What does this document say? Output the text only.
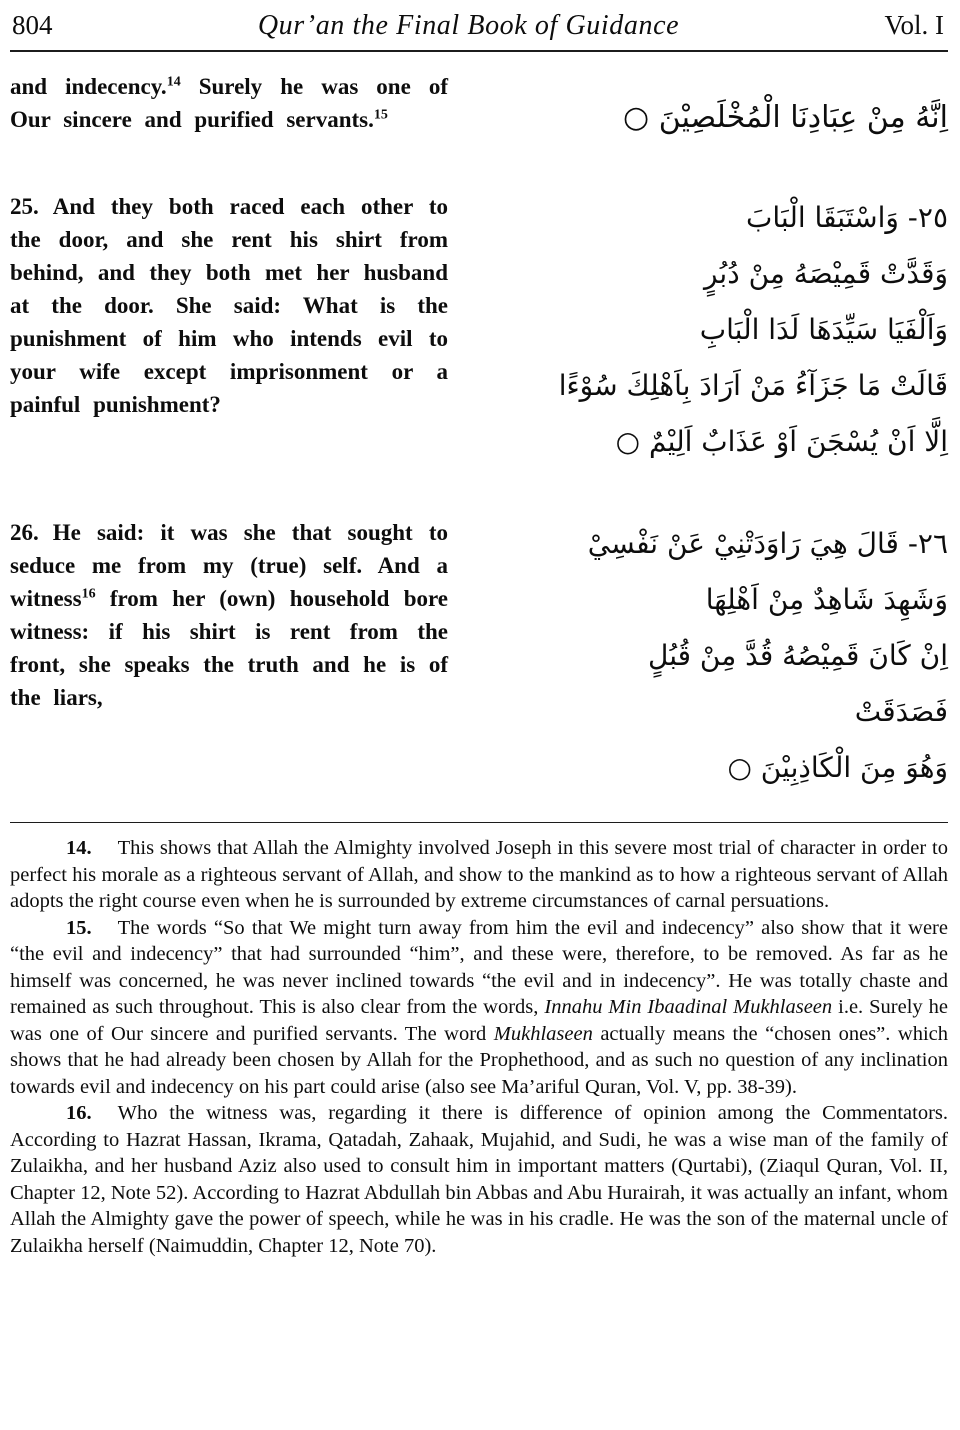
804	Qur’an the Final Book of Guidance	Vol. I

and indecency.$^{14}$ Surely he was one of Our sincere and purified servants.$^{15}$	اِنَّهُ مِنْ عِبَادِنَا الْمُخْلَصِيْنَ ○

25. And they both raced each other to the door, and she rent his shirt from behind, and they both met her husband at the door. She said: What is the punishment of him who intends evil to your wife except imprisonment or a painful punishment?

٢٥- وَاسْتَبَقَا الْبَابَ
وَقَدَّتْ قَمِيْصَهُ مِنْ دُبُرٍ
وَاَلْفَيَا سَيِّدَهَا لَدَا الْبَابِ
قَالَتْ مَا جَزَآءُ مَنْ اَرَادَ بِاَهْلِكَ سُوْءًا
اِلَّا اَنْ يُسْجَنَ اَوْ عَذَابٌ اَلِيْمٌ ○

26. He said: it was she that sought to seduce me from my (true) self. And a witness$^{16}$ from her (own) household bore witness: if his shirt is rent from the front, she speaks the truth and he is of the liars,

٢٦- قَالَ هِيَ رَاوَدَتْنِيْ عَنْ نَفْسِيْ
وَشَهِدَ شَاهِدٌ مِنْ اَهْلِهَا
اِنْ كَانَ قَمِيْصُهُ قُدَّ مِنْ قُبُلٍ
فَصَدَقَتْ
وَهُوَ مِنَ الْكَاذِبِيْنَ ○

14. This shows that Allah the Almighty involved Joseph in this severe most trial of character in order to perfect his morale as a righteous servant of Allah, and show to the mankind as to how a righteous servant of Allah adopts the right course even when he is surrounded by extreme circumstances of carnal persuations.

15. The words “So that We might turn away from him the evil and indecency” also show that it were “the evil and indecency” that had surrounded “him”, and these were, therefore, to be removed. As far as he himself was concerned, he was never inclined towards “the evil and in indecency”. He was totally chaste and remained as such throughout. This is also clear from the words, Innahu Min Ibaadinal Mukhlaseen i.e. Surely he was one of Our sincere and purified servants. The word Mukhlaseen actually means the “chosen ones”. which shows that he had already been chosen by Allah for the Prophethood, and as such no question of any inclination towards evil and indecency on his part could arise (also see Ma’ariful Quran, Vol. V, pp. 38-39).

16. Who the witness was, regarding it there is difference of opinion among the Commentators. According to Hazrat Hassan, Ikrama, Qatadah, Zahaak, Mujahid, and Sudi, he was a wise man of the family of Zulaikha, and her husband Aziz also used to consult him in important matters (Qurtabi), (Ziaqul Quran, Vol. II, Chapter 12, Note 52). According to Hazrat Abdullah bin Abbas and Abu Hurairah, it was actually an infant, whom Allah the Almighty gave the power of speech, while he was in his cradle. He was the son of the maternal uncle of Zulaikha herself (Naimuddin, Chapter 12, Note 70).
